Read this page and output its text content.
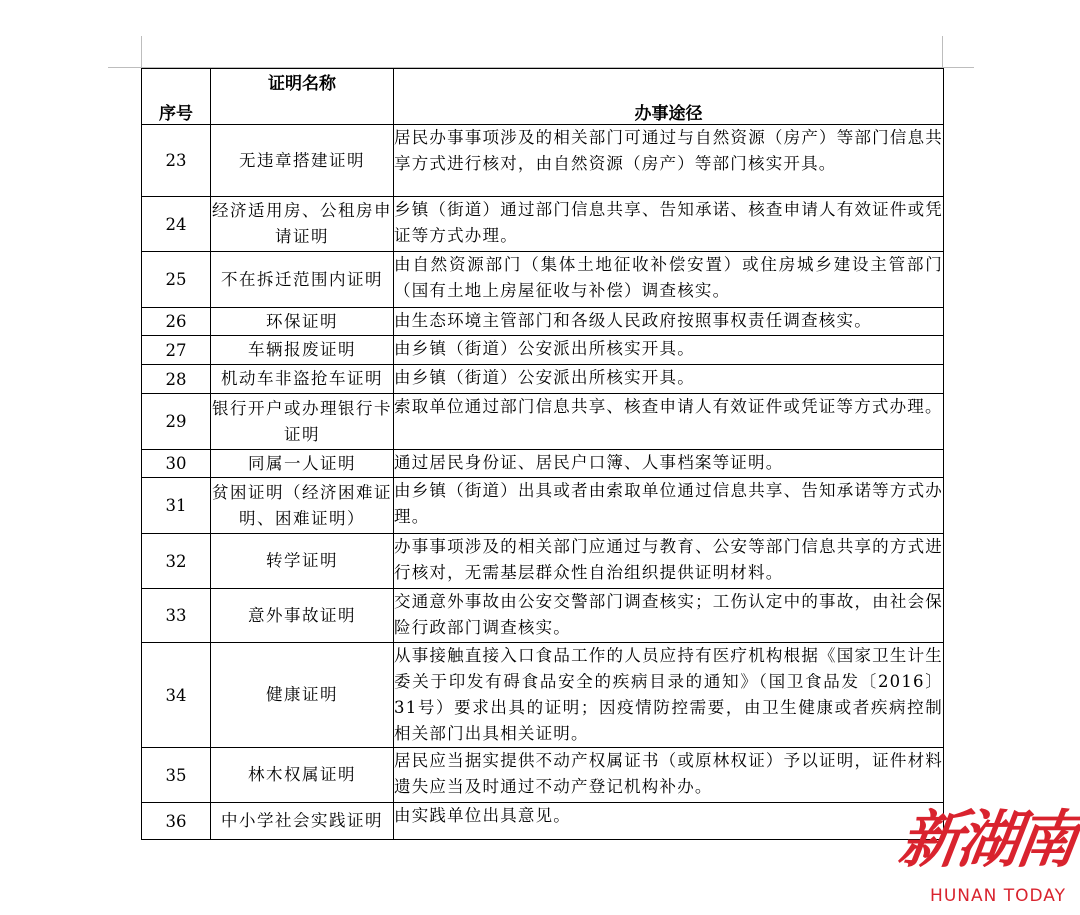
序号	证明名称	办事途径
23	无违章搭建证明	居民办事事项涉及的相关部门可通过与自然资源（房产）等部门信息共享方式进行核对，由自然资源（房产）等部门核实开具。
24	经济适用房、公租房申请证明	乡镇（街道）通过部门信息共享、告知承诺、核查申请人有效证件或凭证等方式办理。
25	不在拆迁范围内证明	由自然资源部门（集体土地征收补偿安置）或住房城乡建设主管部门（国有土地上房屋征收与补偿）调查核实。
26	环保证明	由生态环境主管部门和各级人民政府按照事权责任调查核实。
27	车辆报废证明	由乡镇（街道）公安派出所核实开具。
28	机动车非盗抢车证明	由乡镇（街道）公安派出所核实开具。
29	银行开户或办理银行卡证明	索取单位通过部门信息共享、核查申请人有效证件或凭证等方式办理。
30	同属一人证明	通过居民身份证、居民户口簿、人事档案等证明。
31	贫困证明（经济困难证明、困难证明）	由乡镇（街道）出具或者由索取单位通过信息共享、告知承诺等方式办理。
32	转学证明	办事事项涉及的相关部门应通过与教育、公安等部门信息共享的方式进行核对，无需基层群众性自治组织提供证明材料。
33	意外事故证明	交通意外事故由公安交警部门调查核实；工伤认定中的事故，由社会保险行政部门调查核实。
34	健康证明	从事接触直接入口食品工作的人员应持有医疗机构根据《国家卫生计生委关于印发有碍食品安全的疾病目录的通知》（国卫食品发〔2016〕31号）要求出具的证明；因疫情防控需要，由卫生健康或者疾病控制相关部门出具相关证明。
35	林木权属证明	居民应当据实提供不动产权属证书（或原林权证）予以证明，证件材料遗失应当及时通过不动产登记机构补办。
36	中小学社会实践证明	由实践单位出具意见。	新湖南
HUNAN TODAY
